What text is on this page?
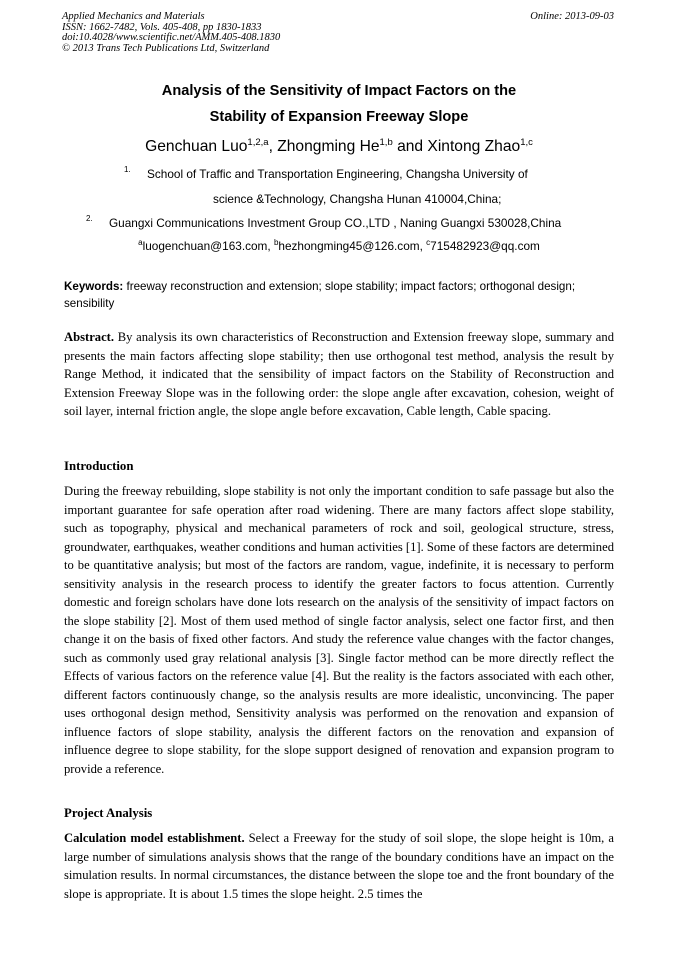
Applied Mechanics and Materials
ISSN: 1662-7482, Vols. 405-408, pp 1830-1833
doi:10.4028/www.scientific.net/AMM.405-408.1830
© 2013 Trans Tech Publications Ltd, Switzerland
Online: 2013-09-03
Analysis of the Sensitivity of Impact Factors on the
Stability of Expansion Freeway Slope
Genchuan Luo$^{1,2,a}$, Zhongming He$^{1,b}$ and Xintong Zhao$^{1,c}$
1. School of Traffic and Transportation Engineering, Changsha University of
science &Technology, Changsha Hunan 410004,China;
2. Guangxi Communications Investment Group CO.,LTD , Naning Guangxi 530028,China
$^a$luogenchuan@163.com, $^b$hezhongming45@126.com, $^c$715482923@qq.com
Keywords: freeway reconstruction and extension; slope stability; impact factors; orthogonal design; sensibility
Abstract. By analysis its own characteristics of Reconstruction and Extension freeway slope, summary and presents the main factors affecting slope stability; then use orthogonal test method, analysis the result by Range Method, it indicated that the sensibility of impact factors on the Stability of Reconstruction and Extension Freeway Slope was in the following order: the slope angle after excavation, cohesion, weight of soil layer, internal friction angle, the slope angle before excavation, Cable length, Cable spacing.
Introduction
During the freeway rebuilding, slope stability is not only the important condition to safe passage but also the important guarantee for safe operation after road widening. There are many factors affect slope stability, such as topography, physical and mechanical parameters of rock and soil, geological structure, stress, groundwater, earthquakes, weather conditions and human activities [1]. Some of these factors are determined to be quantitative analysis; but most of the factors are random, vague, indefinite, it is necessary to perform sensitivity analysis in the research process to identify the greater factors to focus attention. Currently domestic and foreign scholars have done lots research on the analysis of the sensitivity of impact factors on the slope stability [2]. Most of them used method of single factor analysis, select one factor first, and then change it on the basis of fixed other factors. And study the reference value changes with the factor changes, such as commonly used gray relational analysis [3]. Single factor method can be more directly reflect the Effects of various factors on the reference value [4]. But the reality is the factors associated with each other, different factors continuously change, so the analysis results are more idealistic, unconvincing. The paper uses orthogonal design method, Sensitivity analysis was performed on the renovation and expansion of influence factors of slope stability, analysis the different factors on the renovation and expansion of influence degree to slope stability, for the slope support designed of renovation and expansion program to provide a reference.
Project Analysis
Calculation model establishment. Select a Freeway for the study of soil slope, the slope height is 10m, a large number of simulations analysis shows that the range of the boundary conditions have an impact on the simulation results. In normal circumstances, the distance between the slope toe and the front boundary of the slope is appropriate. It is about 1.5 times the slope height. 2.5 times the
